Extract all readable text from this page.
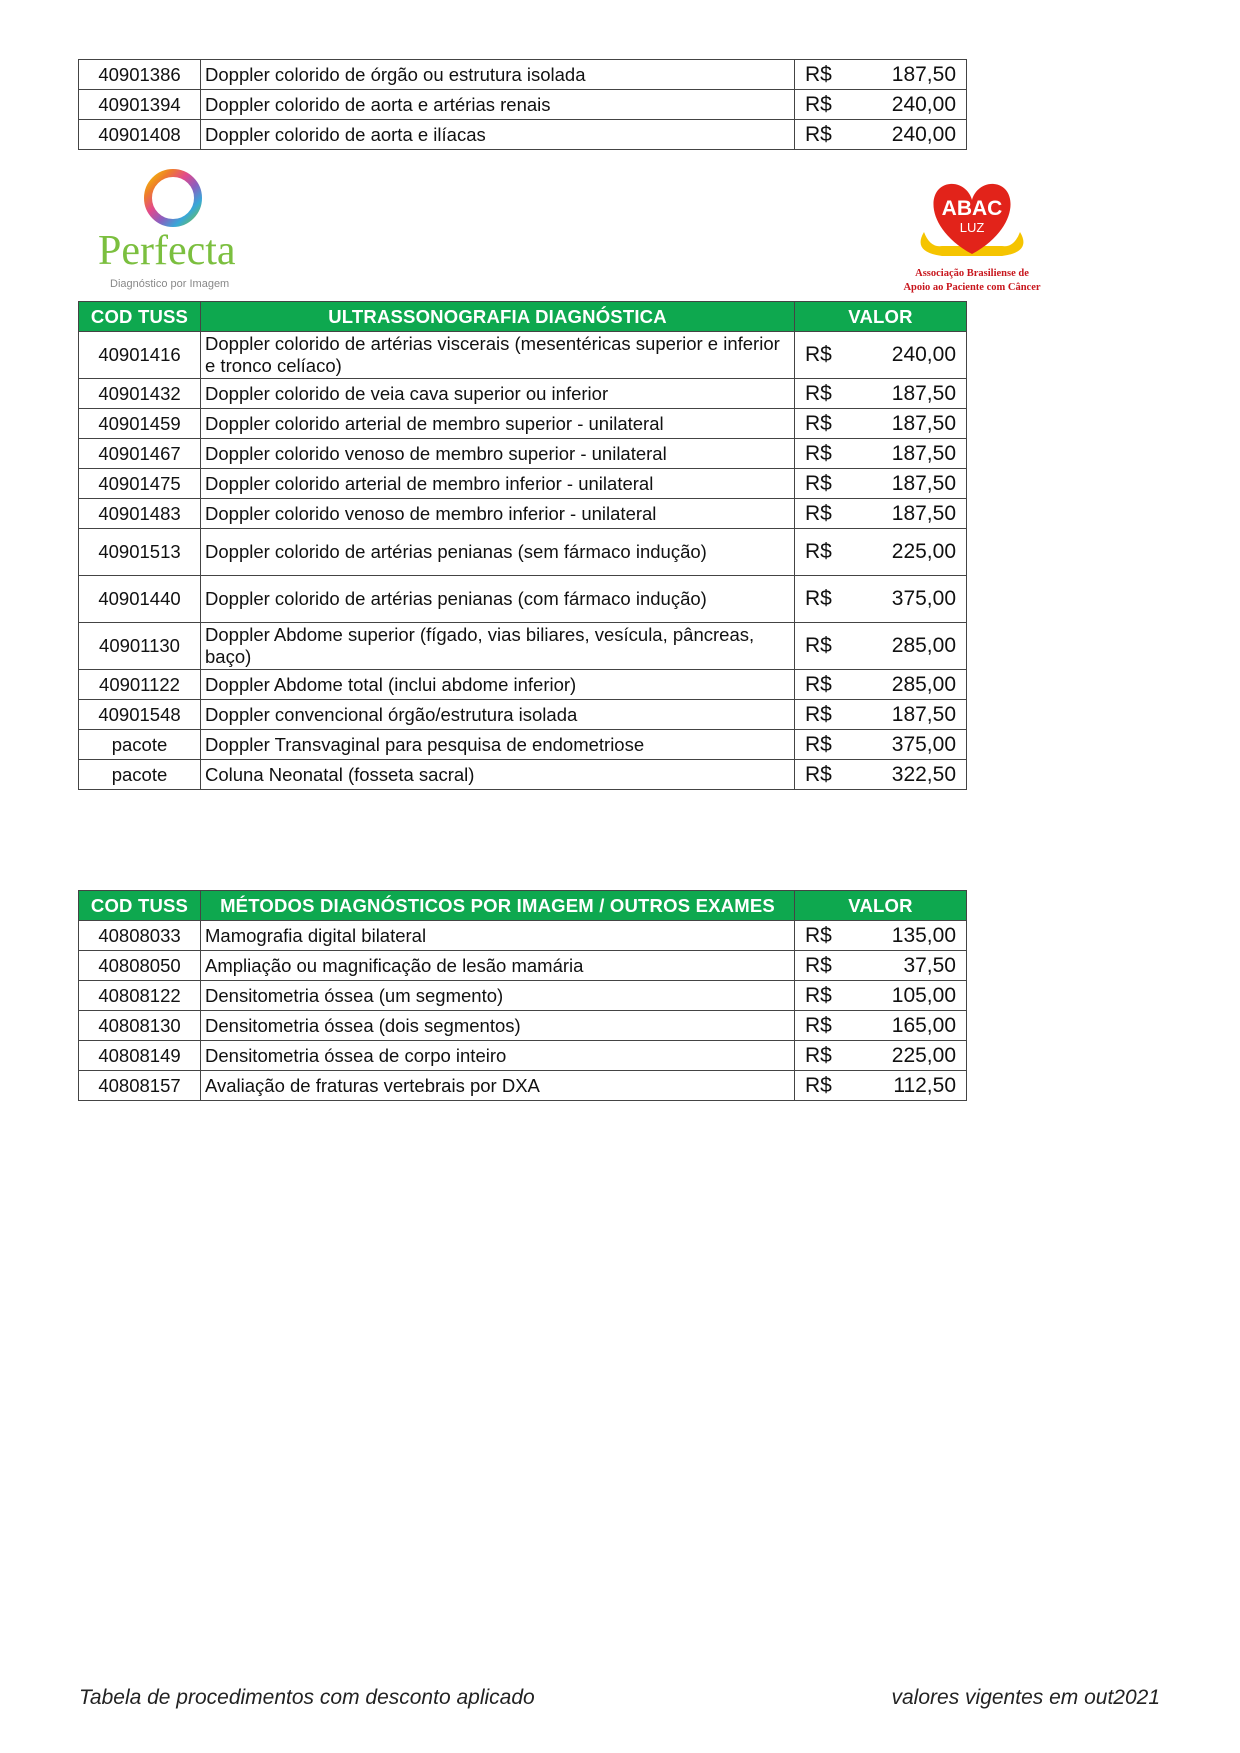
40901386	Doppler colorido de órgão ou estrutura isolada	R$ 187,50

40901394	Doppler colorido de aorta e artérias renais	R$ 240,00

40901408	Doppler colorido de aorta e ilíacas	R$ 240,00
Perfecta
Diagnóstico por Imagem
ABAC
LUZ
Associação Brasiliense de
Apoio ao Paciente com Câncer
COD TUSS	ULTRASSONOGRAFIA DIAGNÓSTICA	VALOR
40901416	Doppler colorido de artérias viscerais (mesentéricas superior e inferior e tronco celíaco)	R$ 240,00

40901432	Doppler colorido de veia cava superior ou inferior	R$ 187,50

40901459	Doppler colorido arterial de membro superior - unilateral	R$ 187,50

40901467	Doppler colorido venoso de membro superior - unilateral	R$ 187,50

40901475	Doppler colorido arterial de membro inferior - unilateral	R$ 187,50

40901483	Doppler colorido venoso de membro inferior - unilateral	R$ 187,50

40901513	Doppler colorido de artérias penianas (sem fármaco indução)	R$ 225,00

40901440	Doppler colorido de artérias penianas (com fármaco indução)	R$ 375,00

40901130	Doppler Abdome superior (fígado, vias biliares, vesícula, pâncreas, baço)	R$ 285,00

40901122	Doppler Abdome total (inclui abdome inferior)	R$ 285,00

40901548	Doppler convencional órgão/estrutura isolada	R$ 187,50

pacote	Doppler Transvaginal para pesquisa de endometriose	R$ 375,00

pacote	Coluna Neonatal (fosseta sacral)	R$ 322,50
COD TUSS	MÉTODOS DIAGNÓSTICOS POR IMAGEM / OUTROS EXAMES	VALOR
40808033	Mamografia digital bilateral	R$ 135,00

40808050	Ampliação ou magnificação de lesão mamária	R$ 37,50

40808122	Densitometria óssea (um segmento)	R$ 105,00

40808130	Densitometria óssea (dois segmentos)	R$ 165,00

40808149	Densitometria óssea de corpo inteiro	R$ 225,00

40808157	Avaliação de fraturas vertebrais por DXA	R$ 112,50
Tabela de procedimentos com desconto aplicado	valores vigentes em out2021
